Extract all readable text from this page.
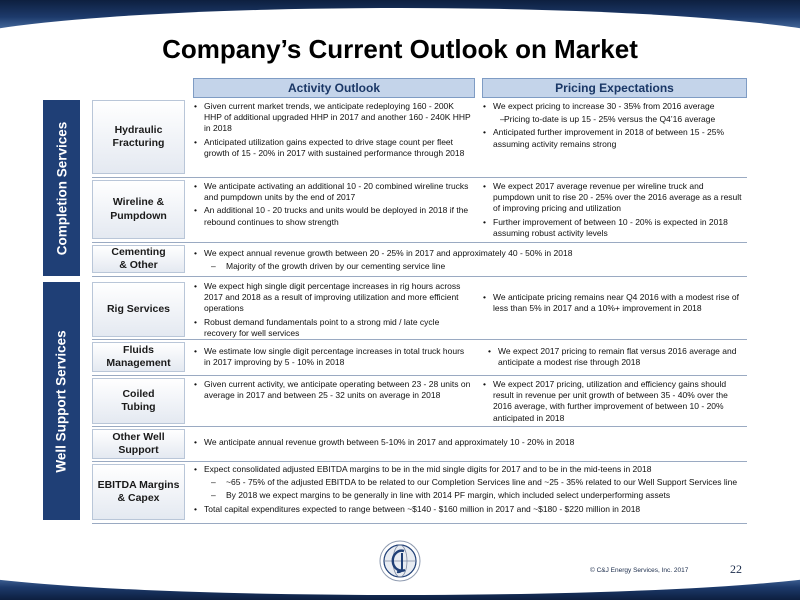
Company’s Current Outlook on Market
Activity Outlook	Pricing Expectations
Completion Services
Well Support Services
Hydraulic
Fracturing
Wireline &
Pumpdown
Cementing
& Other
Rig Services
Fluids
Management
Coiled
Tubing
Other Well
Support
EBITDA Margins
& Capex
• Given current market trends, we anticipate redeploying 160 - 200K HHP of additional upgraded HHP in 2017 and another 160 - 240K HHP in 2018
• Anticipated utilization gains expected to drive stage count per fleet growth of 15 - 20% in 2017 with sustained performance through 2018
• We expect pricing to increase 30 - 35% from 2016 average
– Pricing to-date is up 15 - 25% versus the Q4’16 average
• Anticipated further improvement in 2018 of between 15 - 25% assuming activity remains strong
• We anticipate activating an additional 10 - 20 combined wireline trucks and pumpdown units by the end of 2017
• An additional 10 - 20 trucks and units would be deployed in 2018 if the rebound continues to show strength
• We expect 2017 average revenue per wireline truck and pumpdown unit to rise 20 - 25% over the 2016 average as a result of improving pricing and utilization
• Further improvement of between 10 - 20% is expected in 2018 assuming robust activity levels
• We expect annual revenue growth between 20 - 25% in 2017 and approximately 40 - 50% in 2018
– Majority of the growth driven by our cementing service line
• We expect high single digit percentage increases in rig hours across 2017 and 2018 as a result of improving utilization and more efficient operations
• Robust demand fundamentals point to a strong mid / late cycle recovery for well services
• We anticipate pricing remains near Q4 2016 with a modest rise of less than 5% in 2017 and a 10%+ improvement in 2018
• We estimate low single digit percentage increases in total truck hours in 2017 improving by 5 - 10% in 2018
• We expect 2017 pricing to remain flat versus 2016 average and anticipate a modest rise through 2018
• Given current activity, we anticipate operating between 23 - 28 units on average in 2017 and between 25 - 32 units on average in 2018
• We expect 2017 pricing, utilization and efficiency gains should result in revenue per unit growth of between 35 - 40% over the 2016 average, with further improvement of between 10 - 20% anticipated in 2018
• We anticipate annual revenue growth between 5-10% in 2017 and approximately 10 - 20% in 2018
• Expect consolidated adjusted EBITDA margins to be in the mid single digits for 2017 and to be in the mid-teens in 2018
– ~65 - 75% of the adjusted EBITDA to be related to our Completion Services line and ~25 - 35% related to our Well Support Services line
– By 2018 we expect margins to be generally in line with 2014 PF margin, which included select underperforming assets
• Total capital expenditures expected to range between ~$140 - $160 million in 2017 and ~$180 - $220 million in 2018
© C&J Energy Services, Inc. 2017	22
